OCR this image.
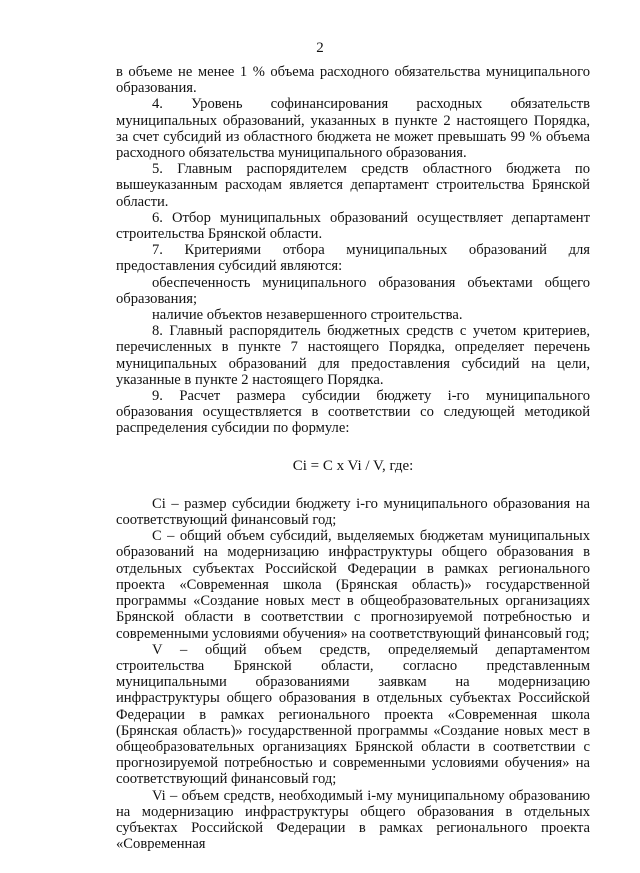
2

в объеме не менее 1 % объема расходного обязательства муниципального образования.

4. Уровень софинансирования расходных обязательств муниципальных образований, указанных в пункте 2 настоящего Порядка, за счет субсидий из областного бюджета не может превышать 99 % объема расходного обязательства муниципального образования.

5. Главным распорядителем средств областного бюджета по вышеуказанным расходам является департамент строительства Брянской области.

6. Отбор муниципальных образований осуществляет департамент строительства Брянской области.

7. Критериями отбора муниципальных образований для предоставления субсидий являются:

обеспеченность муниципального образования объектами общего образования;

наличие объектов незавершенного строительства.

8. Главный распорядитель бюджетных средств с учетом критериев, перечисленных в пункте 7 настоящего Порядка, определяет перечень муниципальных образований для предоставления субсидий на цели, указанные в пункте 2 настоящего Порядка.

9. Расчет размера субсидии бюджету i-го муниципального образования осуществляется в соответствии со следующей методикой распределения субсидии по формуле:

Ci = C x Vi / V, где:

Ci – размер субсидии бюджету i-го муниципального образования на соответствующий финансовый год;

С – общий объем субсидий, выделяемых бюджетам муниципальных образований на модернизацию инфраструктуры общего образования в отдельных субъектах Российской Федерации в рамках регионального проекта «Современная школа (Брянская область)» государственной программы «Создание новых мест в общеобразовательных организациях Брянской области в соответствии с прогнозируемой потребностью и современными условиями обучения» на соответствующий финансовый год;

V – общий объем средств, определяемый департаментом строительства Брянской области, согласно представленным муниципальными образованиями заявкам на модернизацию инфраструктуры общего образования в отдельных субъектах Российской Федерации в рамках регионального проекта «Современная школа (Брянская область)» государственной программы «Создание новых мест в общеобразовательных организациях Брянской области в соответствии с прогнозируемой потребностью и современными условиями обучения» на соответствующий финансовый год;

Vi – объем средств, необходимый i-му муниципальному образованию на модернизацию инфраструктуры общего образования в отдельных субъектах Российской Федерации в рамках регионального проекта «Современная
